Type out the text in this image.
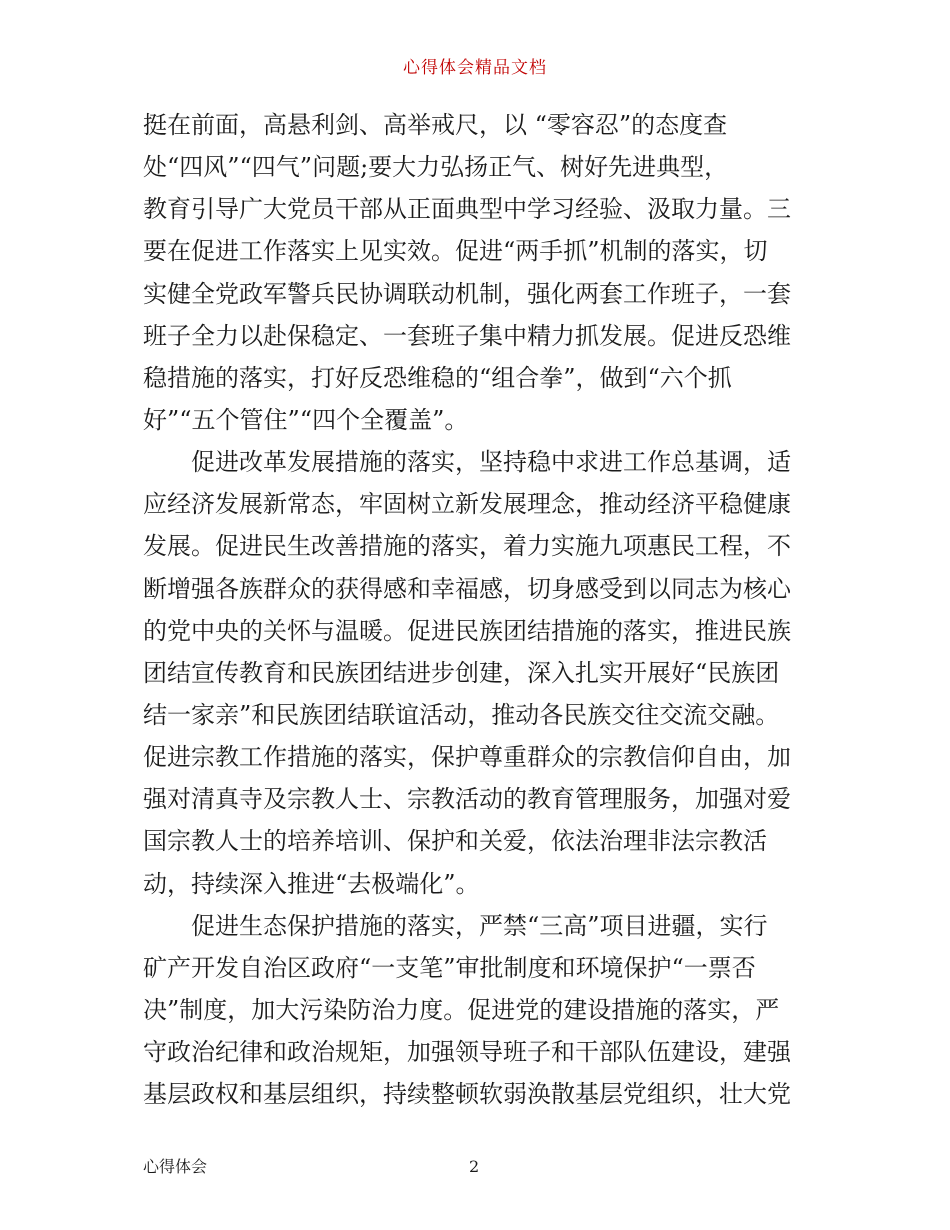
心得体会精品文档
挺在前面，高悬利剑、高举戒尺，以 “零容忍”的态度查
处“四风”“四气”问题;要大力弘扬正气、树好先进典型，
教育引导广大党员干部从正面典型中学习经验、汲取力量。三
要在促进工作落实上见实效。促进“两手抓”机制的落实，切
实健全党政军警兵民协调联动机制，强化两套工作班子，一套
班子全力以赴保稳定、一套班子集中精力抓发展。促进反恐维
稳措施的落实，打好反恐维稳的“组合拳”，做到“六个抓
好”“五个管住”“四个全覆盖”。
促进改革发展措施的落实，坚持稳中求进工作总基调，适
应经济发展新常态，牢固树立新发展理念，推动经济平稳健康
发展。促进民生改善措施的落实，着力实施九项惠民工程，不
断增强各族群众的获得感和幸福感，切身感受到以同志为核心
的党中央的关怀与温暖。促进民族团结措施的落实，推进民族
团结宣传教育和民族团结进步创建，深入扎实开展好“民族团
结一家亲”和民族团结联谊活动，推动各民族交往交流交融。
促进宗教工作措施的落实，保护尊重群众的宗教信仰自由，加
强对清真寺及宗教人士、宗教活动的教育管理服务，加强对爱
国宗教人士的培养培训、保护和关爱，依法治理非法宗教活
动，持续深入推进“去极端化”。
促进生态保护措施的落实，严禁“三高”项目进疆，实行
矿产开发自治区政府“一支笔”审批制度和环境保护“一票否
决”制度，加大污染防治力度。促进党的建设措施的落实，严
守政治纪律和政治规矩，加强领导班子和干部队伍建设，建强
基层政权和基层组织，持续整顿软弱涣散基层党组织，壮大党
心得体会	2
